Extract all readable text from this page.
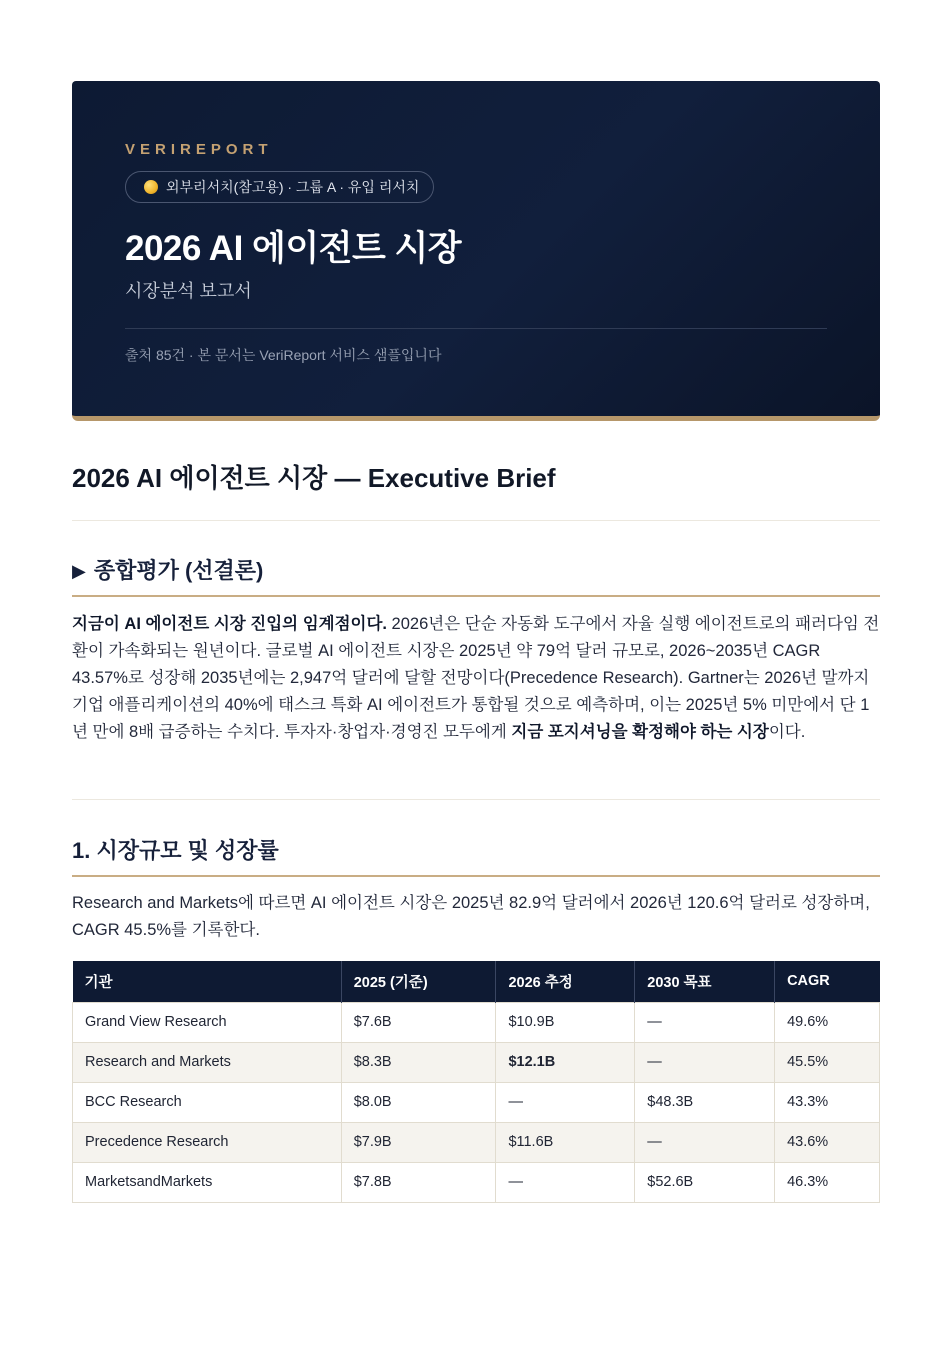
VERIREPORT
외부리서치(참고용) · 그룹 A · 유입 리서치
2026 AI 에이전트 시장
시장분석 보고서
출처 85건 · 본 문서는 VeriReport 서비스 샘플입니다
2026 AI 에이전트 시장 — Executive Brief
▶ 종합평가 (선결론)

지금이 AI 에이전트 시장 진입의 임계점이다. 2026년은 단순 자동화 도구에서 자율 실행 에이전트로의 패러다임 전환이 가속화되는 원년이다. 글로벌 AI 에이전트 시장은 2025년 약 79억 달러 규모로, 2026~2035년 CAGR 43.57%로 성장해 2035년에는 2,947억 달러에 달할 전망이다(Precedence Research). Gartner는 2026년 말까지 기업 애플리케이션의 40%에 태스크 특화 AI 에이전트가 통합될 것으로 예측하며, 이는 2025년 5% 미만에서 단 1년 만에 8배 급증하는 수치다. 투자자·창업자·경영진 모두에게 지금 포지셔닝을 확정해야 하는 시장이다.

1. 시장규모 및 성장률

Research and Markets에 따르면 AI 에이전트 시장은 2025년 82.9억 달러에서 2026년 120.6억 달러로 성장하며, CAGR 45.5%를 기록한다.

기관	2025 (기준)	2026 추정	2030 목표	CAGR
Grand View Research	$7.6B	$10.9B	—	49.6%
Research and Markets	$8.3B	$12.1B	—	45.5%
BCC Research	$8.0B	—	$48.3B	43.3%
Precedence Research	$7.9B	$11.6B	—	43.6%
MarketsandMarkets	$7.8B	—	$52.6B	46.3%
